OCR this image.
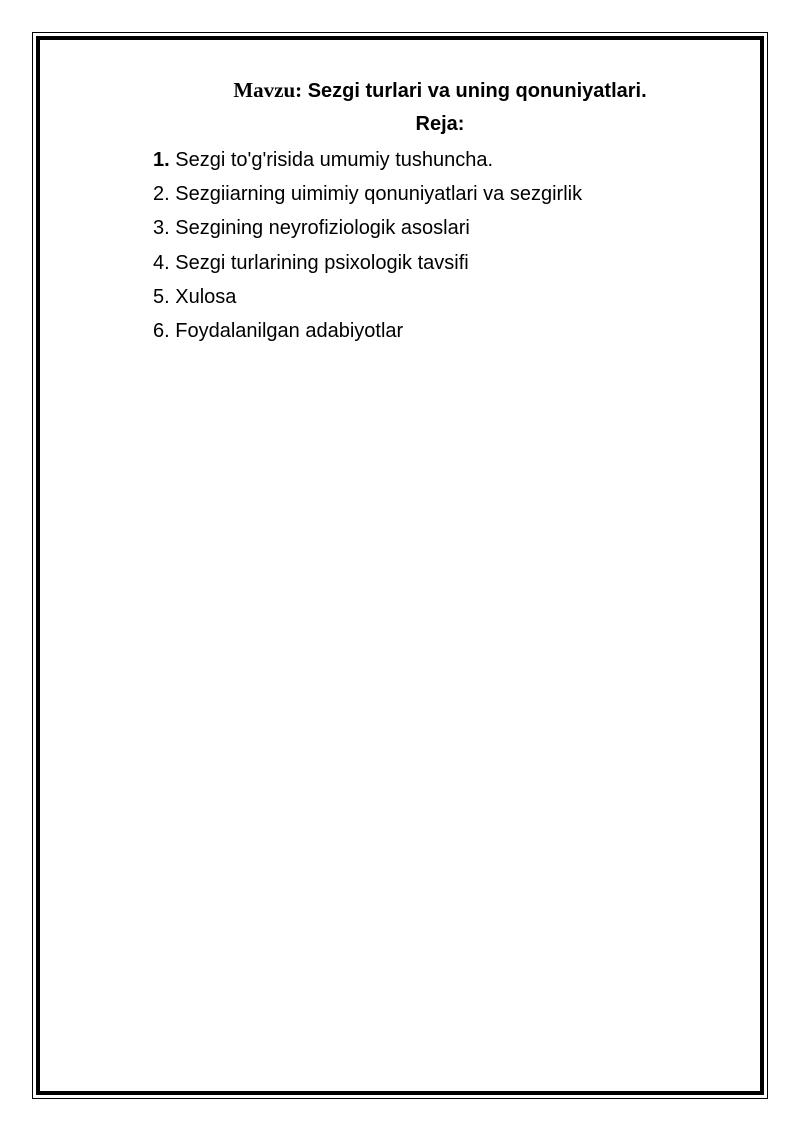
Mavzu: Sezgi turlari va uning qonuniyatlari.
Reja:
1. Sezgi to'g'risida umumiy tushuncha.
2. Sezgiiarning uimimiy qonuniyatlari va sezgirlik
3. Sezgining neyrofiziologik asoslari
4. Sezgi turlarining psixologik tavsifi
5. Xulosa
6. Foydalanilgan adabiyotlar
